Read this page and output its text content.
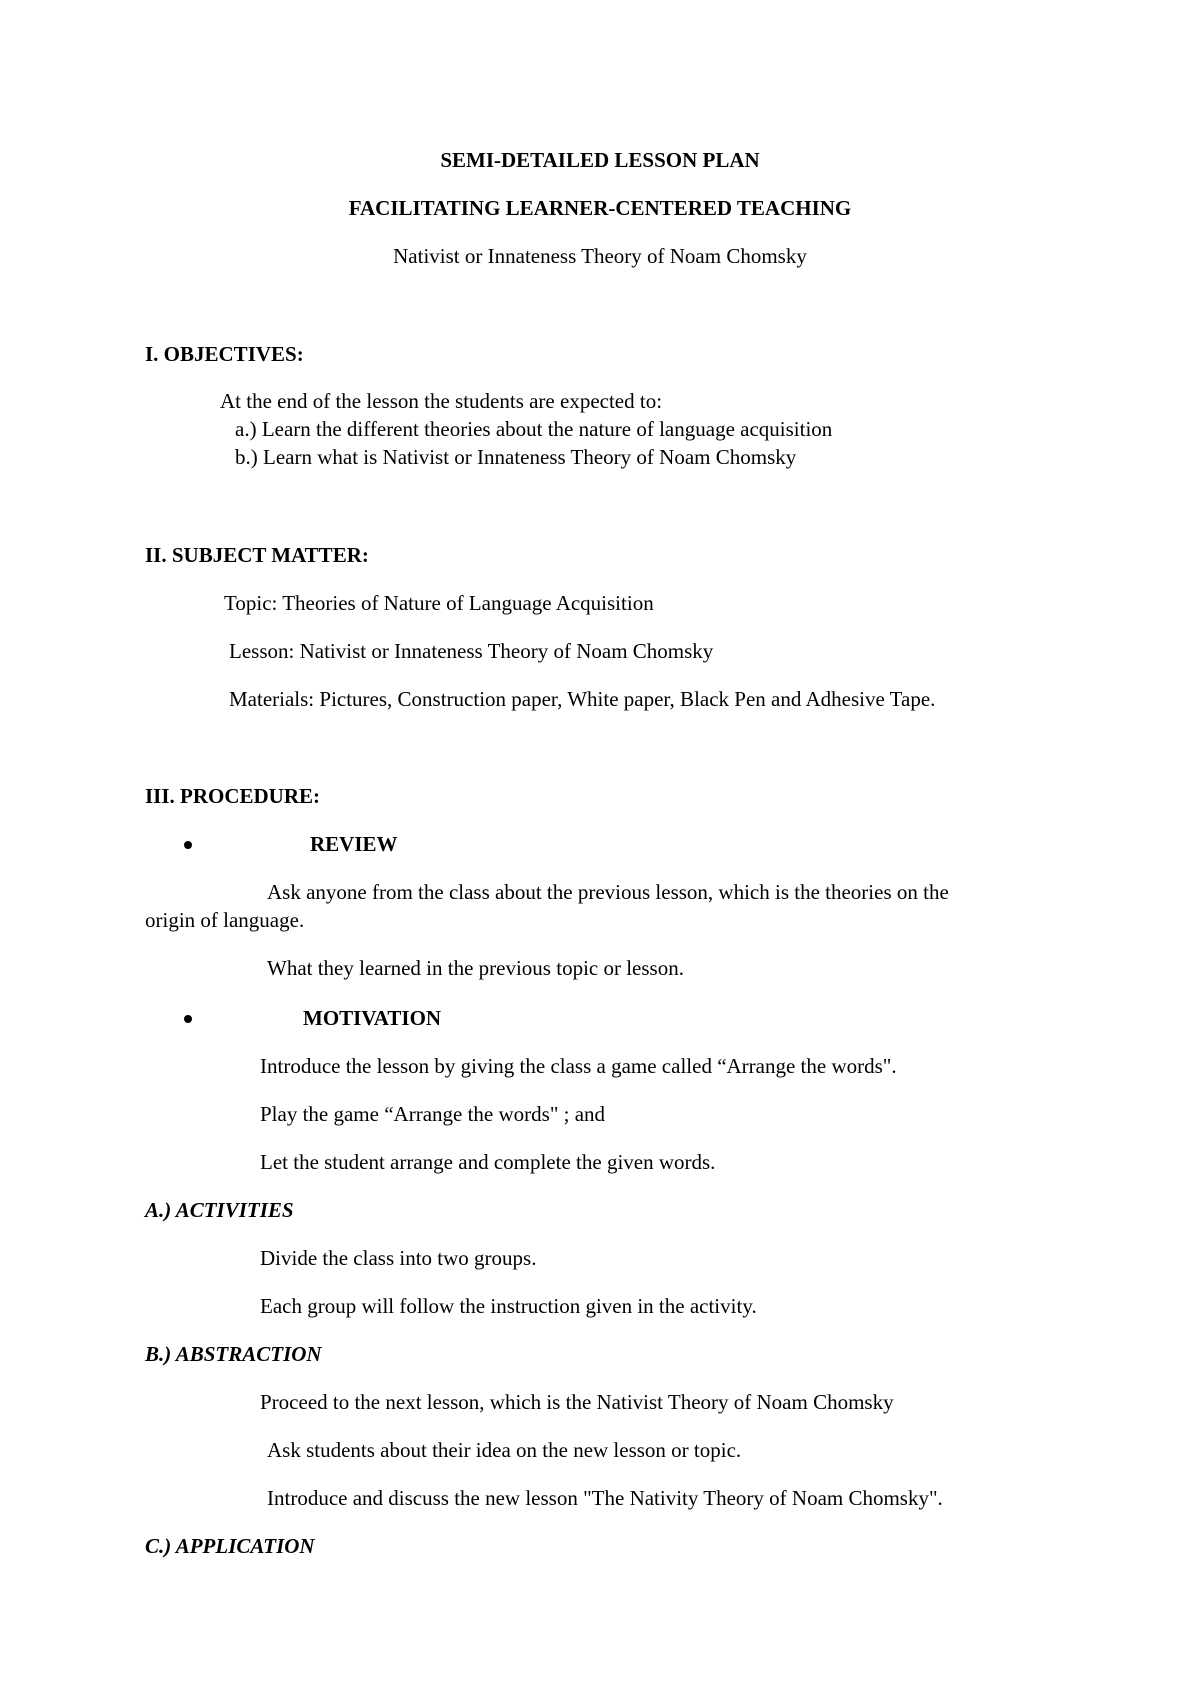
SEMI-DETAILED LESSON PLAN
FACILITATING LEARNER-CENTERED TEACHING
Nativist or Innateness Theory of Noam Chomsky
I. OBJECTIVES:
At the end of the lesson the students are expected to:
a.) Learn the different theories about the nature of language acquisition
b.) Learn what is Nativist or Innateness Theory of Noam Chomsky
II. SUBJECT MATTER:
Topic: Theories of Nature of Language Acquisition
Lesson: Nativist or Innateness Theory of Noam Chomsky
Materials: Pictures, Construction paper, White paper, Black Pen and Adhesive Tape.
III. PROCEDURE:
REVIEW
Ask anyone from the class about the previous lesson, which is the theories on the
origin of language.
What they learned in the previous topic or lesson.
MOTIVATION
Introduce the lesson by giving the class a game called “Arrange the words".
Play the game “Arrange the words" ; and
Let the student arrange and complete the given words.
A.) ACTIVITIES
Divide the class into two groups.
Each group will follow the instruction given in the activity.
B.) ABSTRACTION
Proceed to the next lesson, which is the Nativist Theory of Noam Chomsky
Ask students about their idea on the new lesson or topic.
Introduce and discuss the new lesson "The Nativity Theory of Noam Chomsky".
C.) APPLICATION
